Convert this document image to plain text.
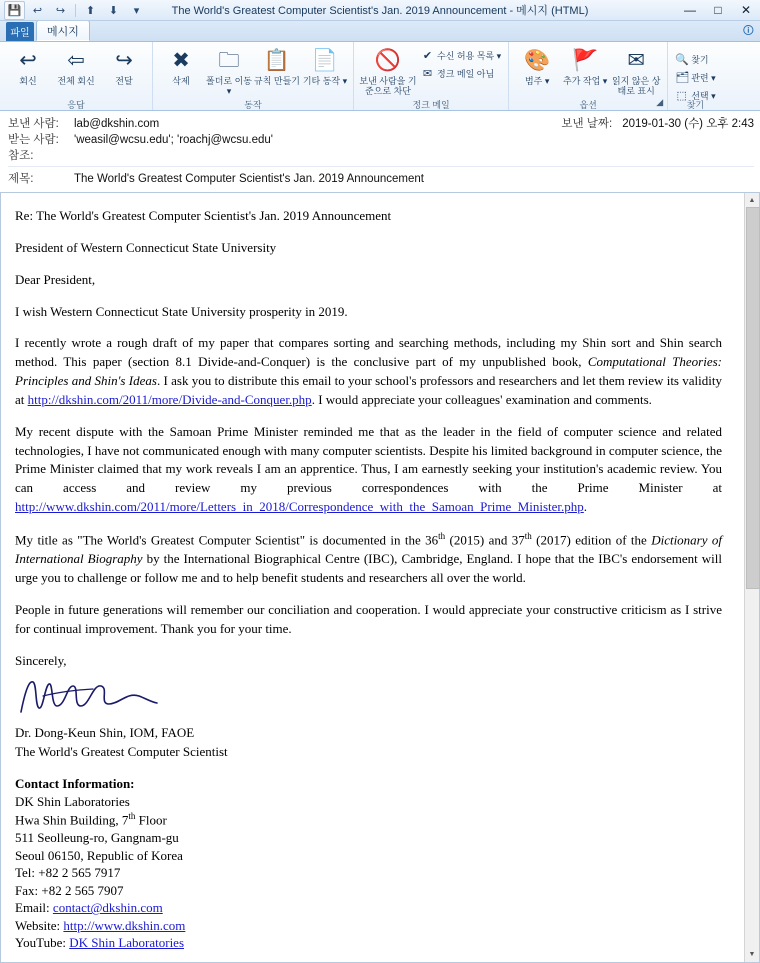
💾	↩	↪	⬆	⬇	▾	The World's Greatest Computer Scientist's Jan. 2019 Announcement - 메시지 (HTML)	—	□	✕
파일	메시지	🛈
↩
회신
⇦
전체 회신
↪
전달
응답
✖
삭제
🗀
폴더로 이동 ▾
📋
규칙 만들기
📄
기타 동작 ▾
동작
🚫
보낸 사람을 기준으로 차단
✔ 수신 허용 목록 ▾
✉ 정크 메일 아님
정크 메일
🎨
범주 ▾
🚩
추가 작업 ▾
✉
읽지 않은 상태로 표시
옵션	◢
🔍 찾기
🗂 관련 ▾
⬚ 선택 ▾
찾기
보낸 사람:	lab@dkshin.com	보낸 날짜: 2019-01-30 (수) 오후 2:43
받는 사람:	'weasil@wcsu.edu'; 'roachj@wcsu.edu'
참조:
제목:	The World's Greatest Computer Scientist's Jan. 2019 Announcement

Re: The World's Greatest Computer Scientist's Jan. 2019 Announcement

President of Western Connecticut State University

Dear President,

I wish Western Connecticut State University prosperity in 2019.

I recently wrote a rough draft of my paper that compares sorting and searching methods, including my Shin sort and Shin search method. This paper (section 8.1 Divide-and-Conquer) is the conclusive part of my unpublished book, Computational Theories: Principles and Shin's Ideas. I ask you to distribute this email to your school's professors and researchers and let them review its validity at http://dkshin.com/2011/more/Divide-and-Conquer.php. I would appreciate your colleagues' examination and comments.

My recent dispute with the Samoan Prime Minister reminded me that as the leader in the field of computer science and related technologies, I have not communicated enough with many computer scientists. Despite his limited background in computer science, the Prime Minister claimed that my work reveals I am an apprentice. Thus, I am earnestly seeking your institution's academic review. You can access and review my previous correspondences with the Prime Minister at http://www.dkshin.com/2011/more/Letters_in_2018/Correspondence_with_the_Samoan_Prime_Minister.php.

My title as "The World's Greatest Computer Scientist" is documented in the 36th (2015) and 37th (2017) edition of the Dictionary of International Biography by the International Biographical Centre (IBC), Cambridge, England. I hope that the IBC's endorsement will urge you to challenge or follow me and to help benefit students and researchers all over the world.

People in future generations will remember our conciliation and cooperation. I would appreciate your constructive criticism as I strive for continual improvement. Thank you for your time.

Sincerely,

Dr. Dong-Keun Shin, IOM, FAOE

The World's Greatest Computer Scientist

Contact Information:
DK Shin Laboratories
Hwa Shin Building, 7th Floor
511 Seolleung-ro, Gangnam-gu
Seoul 06150, Republic of Korea
Tel: +82 2 565 7917
Fax: +82 2 565 7907
Email: contact@dkshin.com
Website: http://www.dkshin.com
YouTube: DK Shin Laboratories
▲
▼
